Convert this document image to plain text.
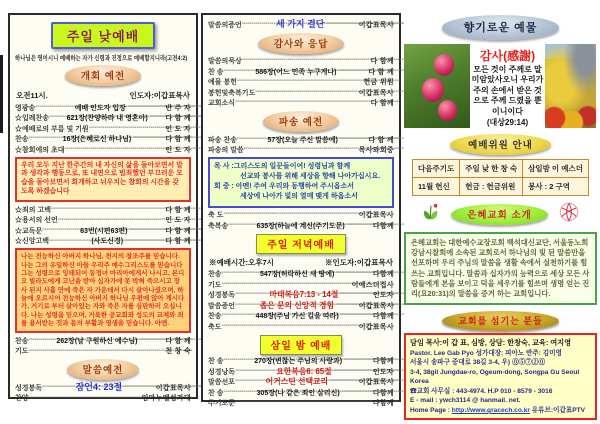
주일 낮예배
하나님은 영이시니 예배하는 자가 신령과 진정으로 예배할지니라(고전4:2)
개회 예전
오전11시.	인도자:이갑표목사
영광송 -----	예배 인도자 입장 -----	반 주 자
☆입례찬송 -----	621장(찬양하라 내 영혼아) -----	다 함 께
☆예배로의 부름 및 기원 -----	인 도 자
찬송 -----	16장(은혜로신 하나님) -----	다 함 께
☆참회에의 초대 -----	인 도 자
우리 모두 지난 한주간의 내 자신의 삶을 돌아보면서 말과 생각과 행동으로, 또 내면으로 범죄했던 부끄러운 모습을 돌아보면서 회개하고 뉘우치는 참회의 시간을 갖도록 하겠습니다
☆죄의 고백 -----	다 함 께
☆용서의 선언 -----	인 도 자
☆교독문 -----	63번(시편63편) -----	다 함 께
☆신앙고백 -----	(사도신경) -----	다 함 께
나는 전능하신 아버지 하나님, 천지의 창조주를 믿습니다. 나는 그의 유일하신 아들 우리주 예수그리스도를 믿습니다 그는 성령으로 잉태되어 동정녀 마리아에게서 나시고, 본디오 빌라도에게 고난을 받아 십자가에 못 박혀 죽으시고 장사 된지 사흘 만에 죽은 자 가운데서 다시 살아나셨으며, 하늘에 오르시어 전능하신 아버지 하나님 우편에 앉아 계시다가, 거기로 부터 살아있는 자와 죽은 자를 심판하러 오십니다. 나는 성령을 믿으며, 거룩한 공교회와 성도의 교제와 죄를 용서받는 것과 몸의 부활과 영생을 믿습니다. 아멘.
찬송 -----	262장(날 구원하신 예수님) -----	다 함 께
기도 -----	천 창 숙
말씀예전
성경봉독 -----	잠언4: 23절 -----	이갑표목사
찬양 -----	임마누엘성가대
말씀의증언 -----	세 가지 결단 -----	이갑표목사
감사와 응답
말씀의묵상 -----	다 함께
찬 송 -----	586장(어느 민족 누구게나) -----	다 함 께
예물 봉헌 -----	헌금 위원
봉헌및축복기도 -----	이갑표목사
교회소식 -----	다 함께
파송 예전
파송 찬송 -----	57장(오늘 주신 말씀에) -----	다 함 께
파송의 말씀 -----	목사와회중
목 사 :그리스도의 일꾼들이여! 성령님과 함께
선교와 봉사를 위해 세상을 향해 나아가십시요.
회 중 : 아멘! 주여 우리와 동행하여 주시옵소서
세상에 나아가 빛의 열매 맺게 하옵소서
축 도 -----	이갑표목사
축복송 -----	635장(하늘에 계신(주기도문) -----	다함께
주일 저녁예배
※예배시간:오후7시	※인도자:이갑표목사
찬송 -----	547장(허락하신 새 땅에) -----	다함께
기도 -----	이예스더집사
성경봉독 -----	마태복음7:13 - 14절 -----	인도자
말씀증언 -----	좁은 문의 신앙적 경험 -----	이갑표목사
찬송 -----	448장(주님 가신 길을 따라) -----	다함께
축도 -----	이갑표목사
삼일 밤 예배
찬 송 -----	270장(변찮는 주님의 사랑과) -----	다함께
성경낭독 -----	요한복음6: 65절 -----	인도자
말씀선포 -----	어거스틴 선택교리 -----	이갑표목사
찬 송 -----	305장(나 같은 죄인 살리신) -----	다함께
주기도문 -----	다함께
향기로운 예물
감사(感謝)
모든 것이 주께로 말미암았사오니 우리가 주의 손에서 받은 것으로 주께 드렸을 뿐이니이다
(대상29:14)
예배위원 안내
다음주기도	주일 낮 한 창 숙	삼일밤 이 예스더
11월 헌신	헌금 : 헌금위원	봉사 : 2 구역
은혜교회 소개
은혜교회는 대한예수교장로회 백석대신교단, 서울동노회 강남시찰회에 소속된 교회로서 하나님의 빛 된 말씀만을 선포하며 우리 주님의 말씀을 생활 속에서 실천하기를 힘쓰는 교회입니다. 말씀과 십자가의 능력으로 세상 모든 사람들에게 본을 보이고 덕을 세우기를 힘쓰며 생명 얻는 진리(요20:31)의 말씀을 증거 하는 교회입니다.
교회를 섬기는 분들
담임 목사:이 갑 표, 심방, 상담: 한창숙, 교육: 여지영
Pastor. Lee Gab Pyo 성가대장: 피아노 반주: 김미영
서울시 송파구 중대로 38길 3-4, 우) ⓪⑤⑦②⓪
3-4, 38gil Jungdae-ro, Ogeum-dong, Songpa Gu Seoul Korea
☎교회 사무실 : 443-4974. H.P 010 - 8579 - 3016
E - mail : ywch3114 @ hanmail. net.
Home Page : http://www.gracech.co.kr 유튜브:이갑표PTV
